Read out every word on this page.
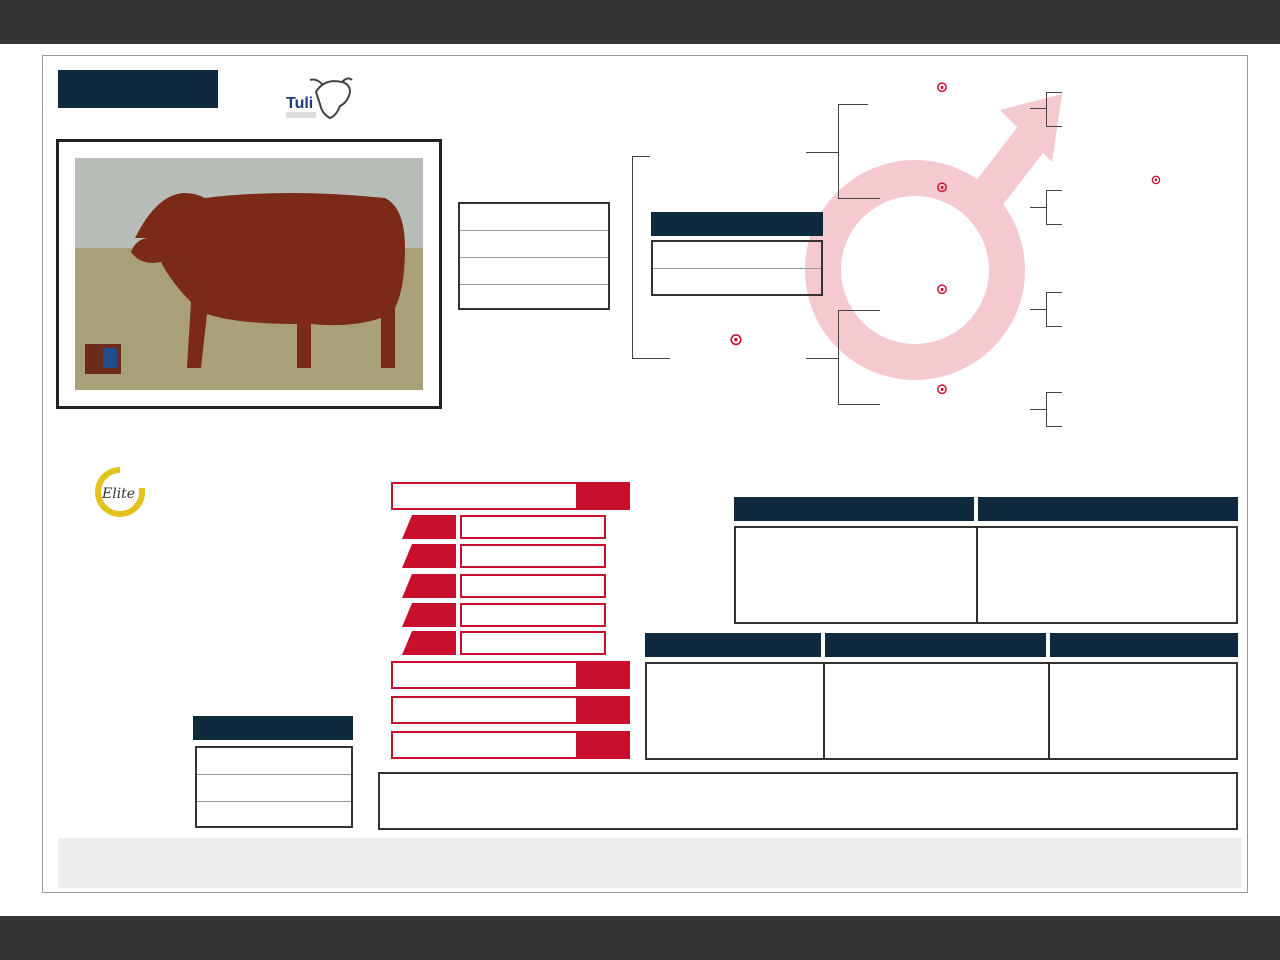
Tuli
Elite
⊙
⊙
⊙
⊙
⊙
⊙
